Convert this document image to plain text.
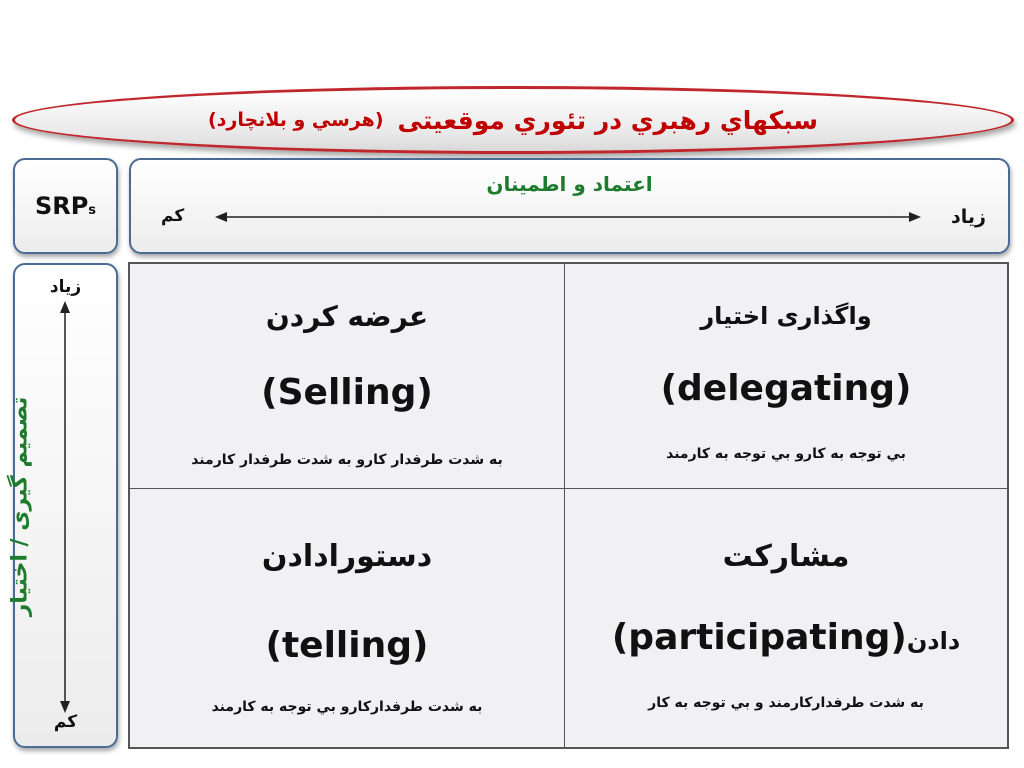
سبکهاي رهبري در تئوري موقعيتی
(هرسي و بلانچارد)
$SRP_s$
اعتماد و اطمينان
کم	زیاد
زیاد
تصمیم گیری / اختیار
کم
عرضه کردن
(Selling)
به شدت طرفدار کارو به شدت طرفدار کارمند
واگذاری اختیار
(delegating)
بي توجه به كارو بي توجه به کارمند
دستورادادن
(telling)
به شدت طرفدارکارو بي توجه به کارمند
مشارکت
دادن(participating)
به شدت طرفدارکارمند و بي توجه به کار
